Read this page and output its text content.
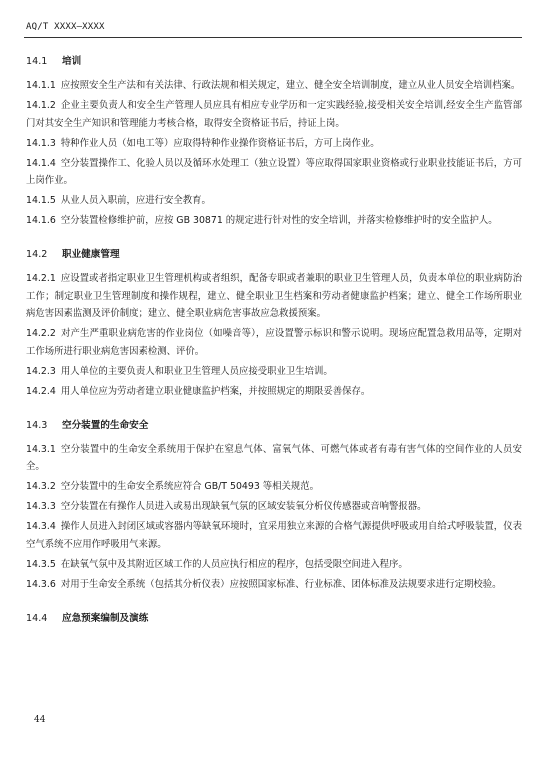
AQ/T XXXX—XXXX
14.1 培训
14.1.1 应按照安全生产法和有关法律、行政法规和相关规定，建立、健全安全培训制度，建立从业人员安全培训档案。
14.1.2 企业主要负责人和安全生产管理人员应具有相应专业学历和一定实践经验,接受相关安全培训,经安全生产监管部门对其安全生产知识和管理能力考核合格，取得安全资格证书后，持证上岗。
14.1.3 特种作业人员（如电工等）应取得特种作业操作资格证书后，方可上岗作业。
14.1.4 空分装置操作工、化验人员以及循环水处理工（独立设置）等应取得国家职业资格或行业职业技能证书后，方可上岗作业。
14.1.5 从业人员入职前，应进行安全教育。
14.1.6 空分装置检修维护前，应按 GB 30871 的规定进行针对性的安全培训，并落实检修维护时的安全监护人。
14.2 职业健康管理
14.2.1 应设置或者指定职业卫生管理机构或者组织，配备专职或者兼职的职业卫生管理人员，负责本单位的职业病防治工作；制定职业卫生管理制度和操作规程，建立、健全职业卫生档案和劳动者健康监护档案；建立、健全工作场所职业病危害因素监测及评价制度；建立、健全职业病危害事故应急救援预案。
14.2.2 对产生严重职业病危害的作业岗位（如噪音等），应设置警示标识和警示说明。现场应配置急救用品等，定期对工作场所进行职业病危害因素检测、评价。
14.2.3 用人单位的主要负责人和职业卫生管理人员应接受职业卫生培训。
14.2.4 用人单位应为劳动者建立职业健康监护档案，并按照规定的期限妥善保存。
14.3 空分装置的生命安全
14.3.1 空分装置中的生命安全系统用于保护在窒息气体、富氧气体、可燃气体或者有毒有害气体的空间作业的人员安全。
14.3.2 空分装置中的生命安全系统应符合 GB/T 50493 等相关规范。
14.3.3 空分装置在有操作人员进入或易出现缺氧气氛的区域安装氧分析仪传感器或音响警报器。
14.3.4 操作人员进入封闭区域或容器内等缺氧环境时，宜采用独立来源的合格气源提供呼吸或用自给式呼吸装置，仪表空气系统不应用作呼吸用气来源。
14.3.5 在缺氧气氛中及其附近区域工作的人员应执行相应的程序，包括受限空间进入程序。
14.3.6 对用于生命安全系统（包括其分析仪表）应按照国家标准、行业标准、团体标准及法规要求进行定期校验。
14.4 应急预案编制及演练
44
